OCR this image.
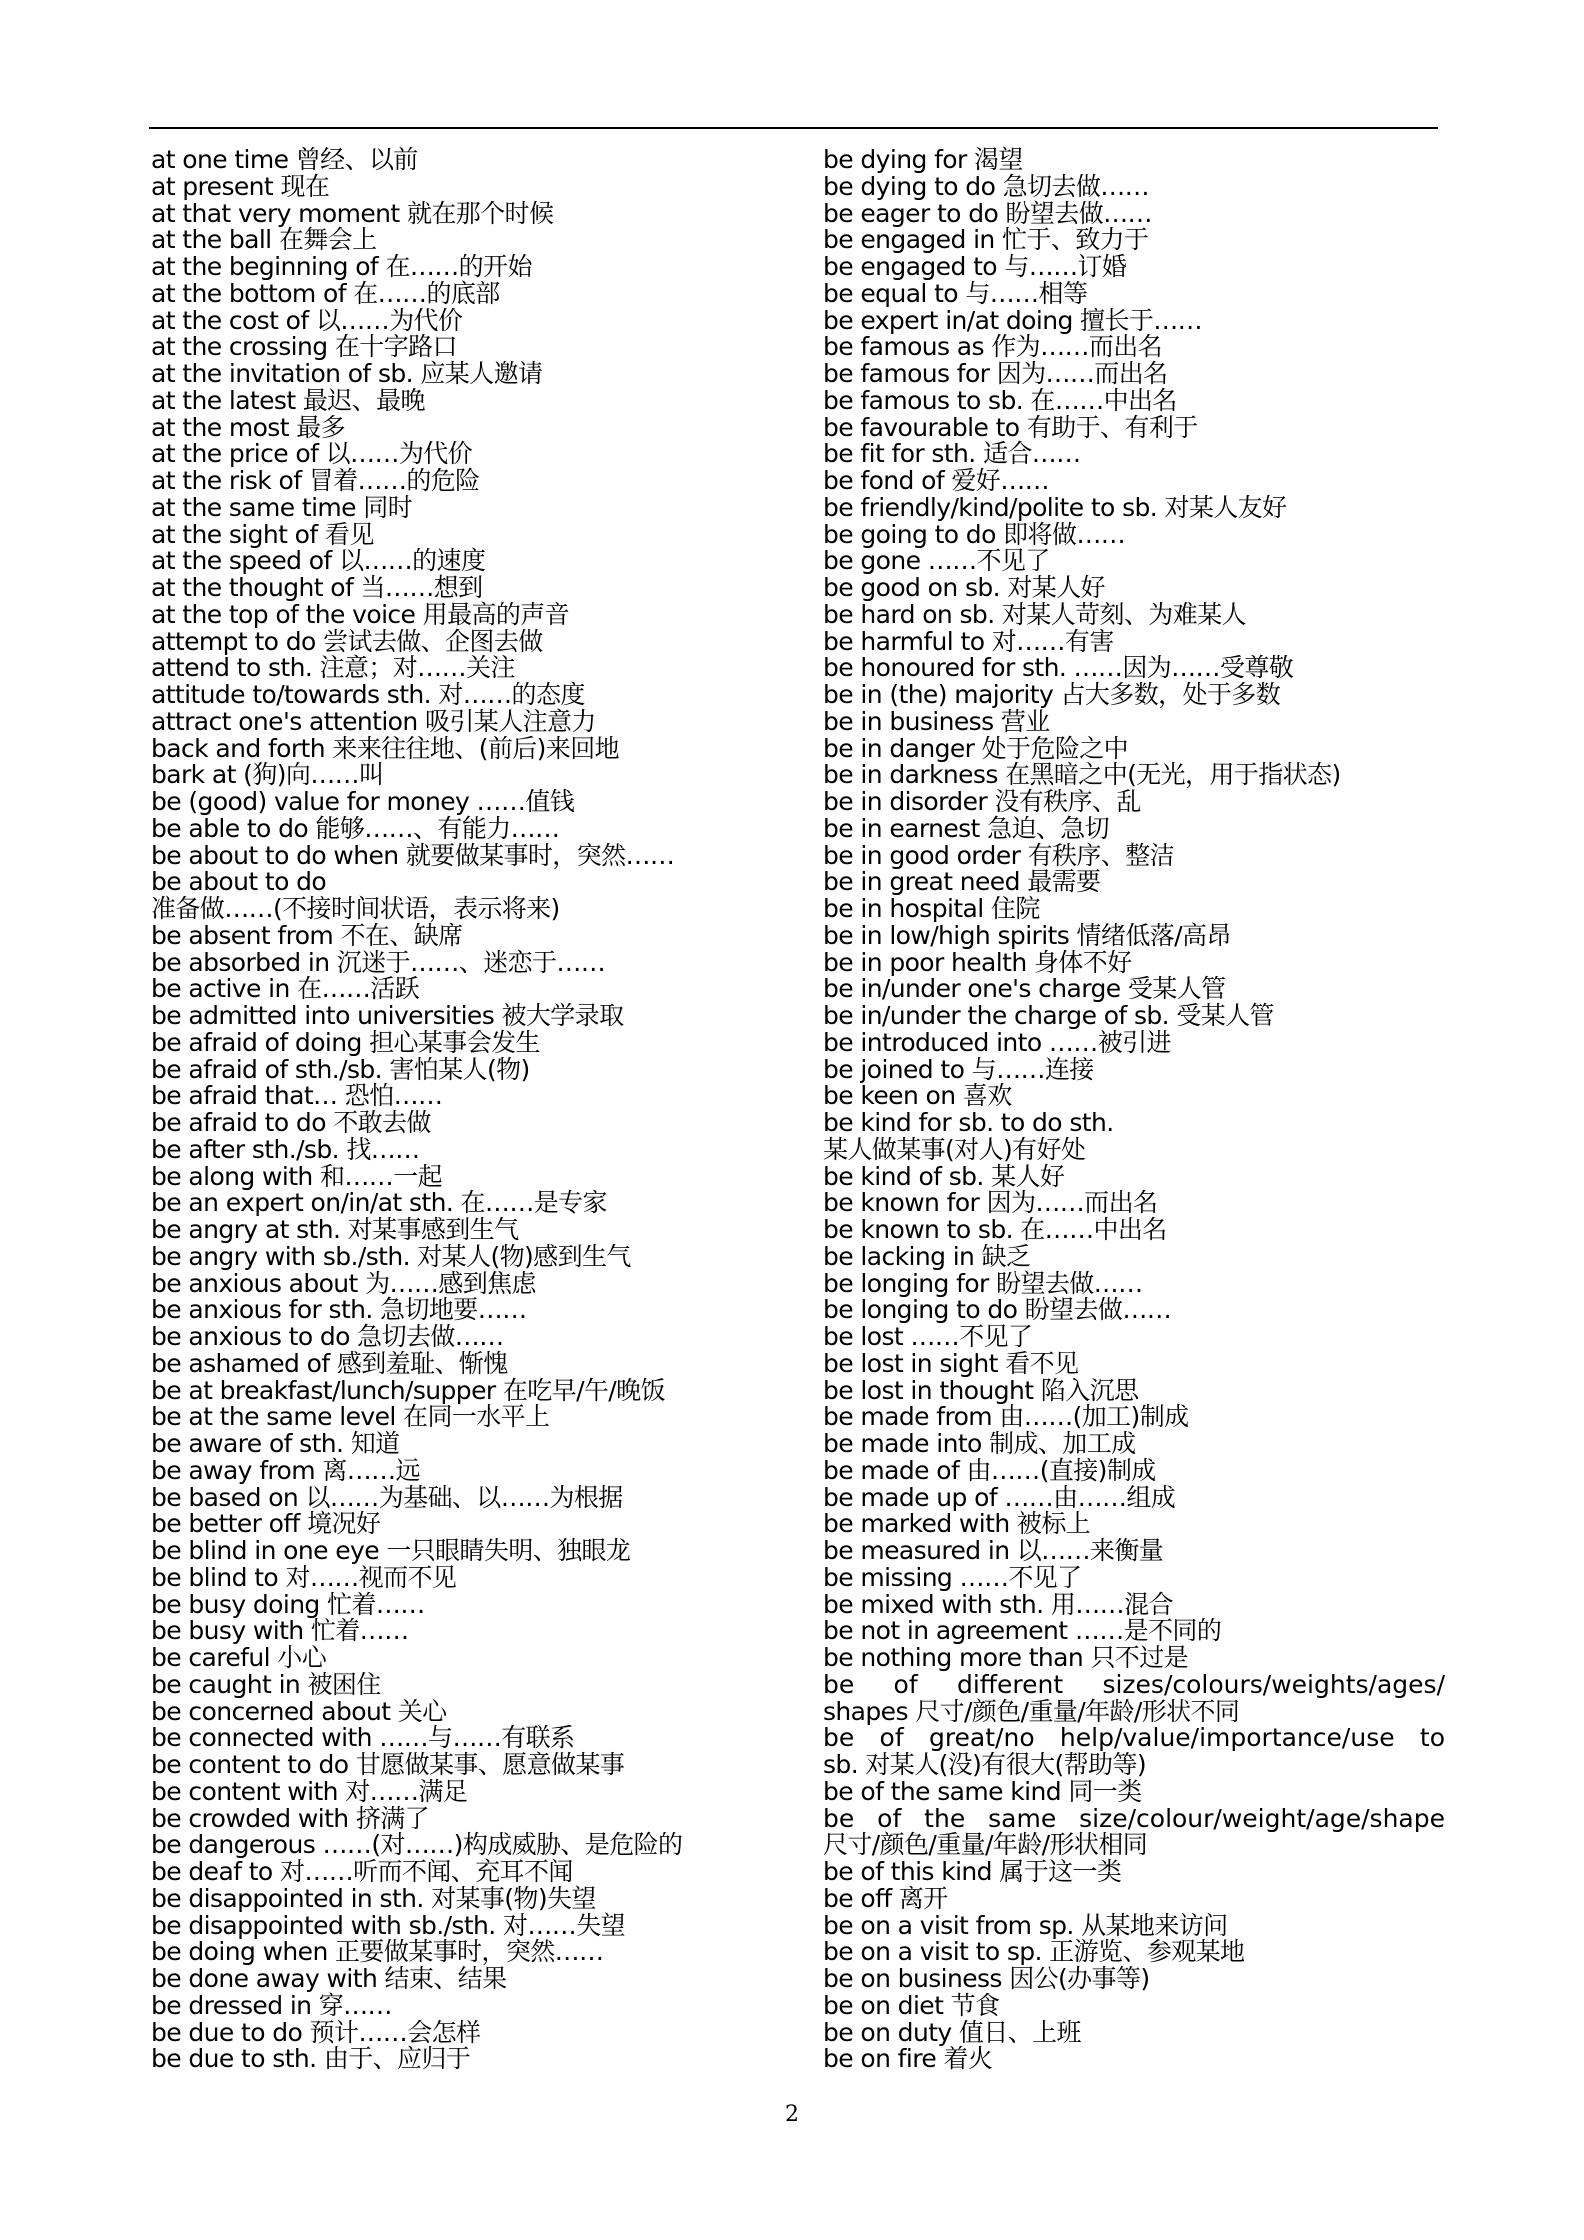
at one time 曾经、以前
at present 现在
at that very moment 就在那个时候
at the ball 在舞会上
at the beginning of 在……的开始
at the bottom of 在……的底部
at the cost of 以……为代价
at the crossing 在十字路口
at the invitation of sb. 应某人邀请
at the latest 最迟、最晚
at the most 最多
at the price of 以……为代价
at the risk of 冒着……的危险
at the same time 同时
at the sight of 看见
at the speed of 以……的速度
at the thought of 当……想到
at the top of the voice 用最高的声音
attempt to do 尝试去做、企图去做
attend to sth. 注意；对……关注
attitude to/towards sth. 对……的态度
attract one's attention 吸引某人注意力
back and forth 来来往往地、(前后)来回地
bark at (狗)向……叫
be (good) value for money ……值钱
be able to do 能够……、有能力……
be about to do when 就要做某事时，突然……
be about to do
准备做……(不接时间状语，表示将来)
be absent from 不在、缺席
be absorbed in 沉迷于……、迷恋于……
be active in 在……活跃
be admitted into universities 被大学录取
be afraid of doing 担心某事会发生
be afraid of sth./sb. 害怕某人(物)
be afraid that… 恐怕……
be afraid to do 不敢去做
be after sth./sb. 找……
be along with 和……一起
be an expert on/in/at sth. 在……是专家
be angry at sth. 对某事感到生气
be angry with sb./sth. 对某人(物)感到生气
be anxious about 为……感到焦虑
be anxious for sth. 急切地要……
be anxious to do 急切去做……
be ashamed of 感到羞耻、惭愧
be at breakfast/lunch/supper 在吃早/午/晚饭
be at the same level 在同一水平上
be aware of sth. 知道
be away from 离……远
be based on 以……为基础、以……为根据
be better off 境况好
be blind in one eye 一只眼睛失明、独眼龙
be blind to 对……视而不见
be busy doing 忙着……
be busy with 忙着……
be careful 小心
be caught in 被困住
be concerned about 关心
be connected with ……与……有联系
be content to do 甘愿做某事、愿意做某事
be content with 对……满足
be crowded with 挤满了
be dangerous ……(对……)构成威胁、是危险的
be deaf to 对……听而不闻、充耳不闻
be disappointed in sth. 对某事(物)失望
be disappointed with sb./sth. 对……失望
be doing when 正要做某事时，突然……
be done away with 结束、结果
be dressed in 穿……
be due to do 预计……会怎样
be due to sth. 由于、应归于
be dying for 渴望
be dying to do 急切去做……
be eager to do 盼望去做……
be engaged in 忙于、致力于
be engaged to 与……订婚
be equal to 与……相等
be expert in/at doing 擅长于……
be famous as 作为……而出名
be famous for 因为……而出名
be famous to sb. 在……中出名
be favourable to 有助于、有利于
be fit for sth. 适合……
be fond of 爱好……
be friendly/kind/polite to sb. 对某人友好
be going to do 即将做……
be gone ……不见了
be good on sb. 对某人好
be hard on sb. 对某人苛刻、为难某人
be harmful to 对……有害
be honoured for sth. ……因为……受尊敬
be in (the) majority 占大多数，处于多数
be in business 营业
be in danger 处于危险之中
be in darkness 在黑暗之中(无光，用于指状态)
be in disorder 没有秩序、乱
be in earnest 急迫、急切
be in good order 有秩序、整洁
be in great need 最需要
be in hospital 住院
be in low/high spirits 情绪低落/高昂
be in poor health 身体不好
be in/under one's charge 受某人管
be in/under the charge of sb. 受某人管
be introduced into ……被引进
be joined to 与……连接
be keen on 喜欢
be kind for sb. to do sth.
某人做某事(对人)有好处
be kind of sb. 某人好
be known for 因为……而出名
be known to sb. 在……中出名
be lacking in 缺乏
be longing for 盼望去做……
be longing to do 盼望去做……
be lost ……不见了
be lost in sight 看不见
be lost in thought 陷入沉思
be made from 由……(加工)制成
be made into 制成、加工成
be made of 由……(直接)制成
be made up of ……由……组成
be marked with 被标上
be measured in 以……来衡量
be missing ……不见了
be mixed with sth. 用……混合
be not in agreement ……是不同的
be nothing more than 只不过是
be of different sizes/colours/weights/ages/
shapes 尺寸/颜色/重量/年龄/形状不同
be of great/no help/value/importance/use to
sb. 对某人(没)有很大(帮助等)
be of the same kind 同一类
be of the same size/colour/weight/age/shape
尺寸/颜色/重量/年龄/形状相同
be of this kind 属于这一类
be off 离开
be on a visit from sp. 从某地来访问
be on a visit to sp. 正游览、参观某地
be on business 因公(办事等)
be on diet 节食
be on duty 值日、上班
be on fire 着火
2
